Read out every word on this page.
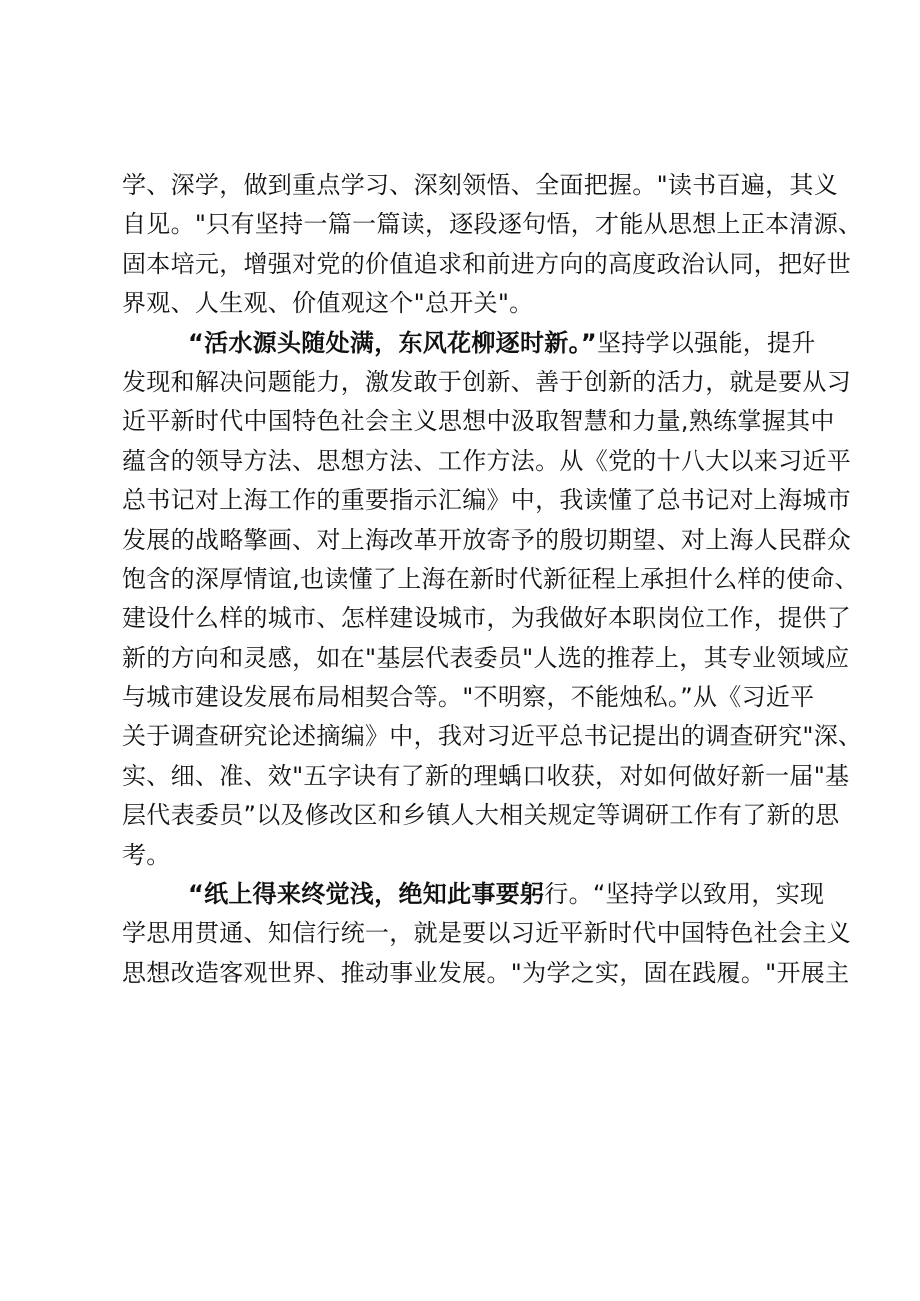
学、深学，做到重点学习、深刻领悟、全面把握。"读书百遍，其义
自见。"只有坚持一篇一篇读，逐段逐句悟，才能从思想上正本清源、
固本培元，增强对党的价值追求和前进方向的高度政治认同，把好世
界观、人生观、价值观这个"总开关"。
“活水源头随处满，东风花柳逐时新。”坚持学以强能，提升
发现和解决问题能力，激发敢于创新、善于创新的活力，就是要从习
近平新时代中国特色社会主义思想中汲取智慧和力量,熟练掌握其中
蕴含的领导方法、思想方法、工作方法。从《党的十八大以来习近平
总书记对上海工作的重要指示汇编》中，我读懂了总书记对上海城市
发展的战略擎画、对上海改革开放寄予的殷切期望、对上海人民群众
饱含的深厚情谊,也读懂了上海在新时代新征程上承担什么样的使命、
建设什么样的城市、怎样建设城市，为我做好本职岗位工作，提供了
新的方向和灵感，如在"基层代表委员"人选的推荐上，其专业领域应
与城市建设发展布局相契合等。"不明察，不能烛私。”从《习近平
关于调查研究论述摘编》中，我对习近平总书记提出的调查研究"深、
实、细、准、效"五字诀有了新的理蝺口收获，对如何做好新一届"基
层代表委员”以及修改区和乡镇人大相关规定等调研工作有了新的思
考。
“纸上得来终觉浅，绝知此事要躬行。“坚持学以致用，实现
学思用贯通、知信行统一，就是要以习近平新时代中国特色社会主义
思想改造客观世界、推动事业发展。"为学之实，固在践履。"开展主
